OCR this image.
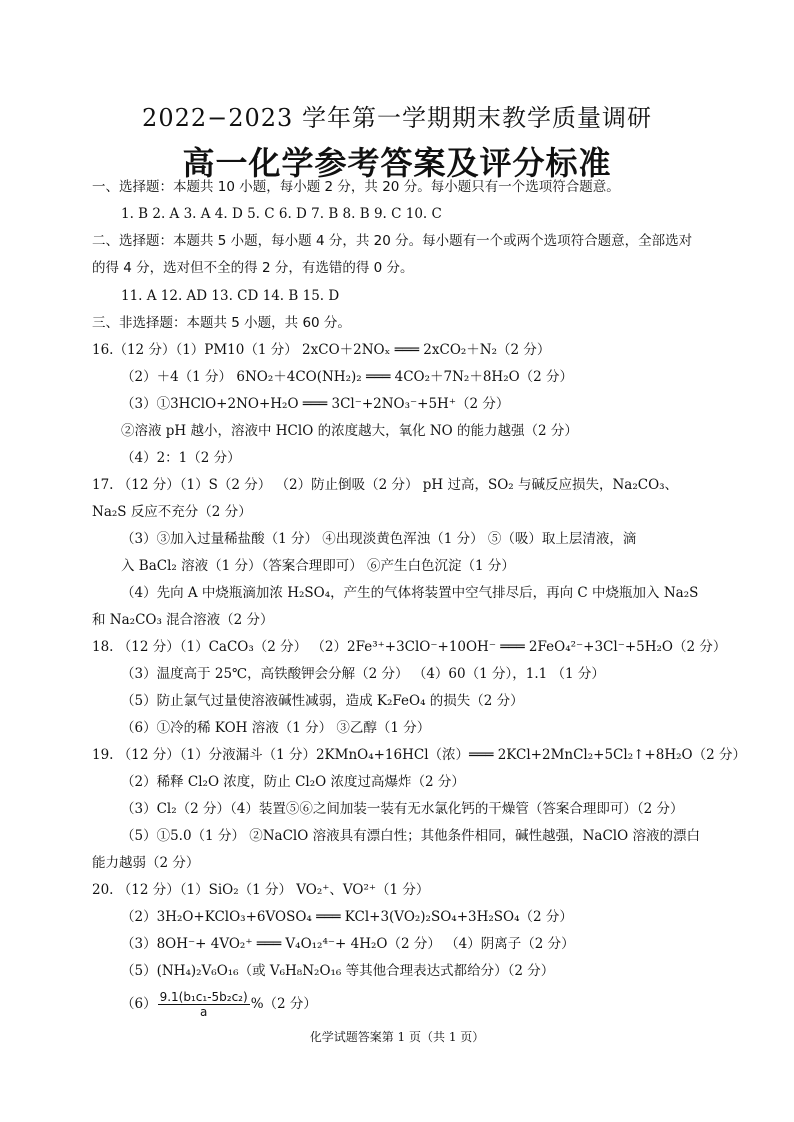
2022−2023 学年第一学期期末教学质量调研
高一化学参考答案及评分标准
一、选择题：本题共 10 小题，每小题 2 分，共 20 分。每小题只有一个选项符合题意。
1. B 2. A 3. A 4. D 5. C 6. D 7. B 8. B 9. C 10. C
二、选择题：本题共 5 小题，每小题 4 分，共 20 分。每小题有一个或两个选项符合题意，全部选对
的得 4 分，选对但不全的得 2 分，有选错的得 0 分。
11. A 12. AD 13. CD 14. B 15. D
三、非选择题：本题共 5 小题，共 60 分。
16.（12 分）（1）PM10（1 分） 2xCO＋2NOₓ ═══ 2xCO₂＋N₂（2 分）
（2）＋4（1 分） 6NO₂＋4CO(NH₂)₂ ═══ 4CO₂＋7N₂＋8H₂O（2 分）
（3）①3HClO+2NO+H₂O ═══ 3Cl⁻+2NO₃⁻+5H⁺（2 分）
②溶液 pH 越小，溶液中 HClO 的浓度越大，氧化 NO 的能力越强（2 分）
（4）2：1（2 分）
17. （12 分）（1）S（2 分） （2）防止倒吸（2 分） pH 过高，SO₂ 与碱反应损失，Na₂CO₃、
Na₂S 反应不充分（2 分）
（3）③加入过量稀盐酸（1 分） ④出现淡黄色浑浊（1 分） ⑤（吸）取上层清液，滴
入 BaCl₂ 溶液（1 分）（答案合理即可） ⑥产生白色沉淀（1 分）
（4）先向 A 中烧瓶滴加浓 H₂SO₄，产生的气体将装置中空气排尽后，再向 C 中烧瓶加入 Na₂S
和 Na₂CO₃ 混合溶液（2 分）
18. （12 分）（1）CaCO₃（2 分） （2）2Fe³⁺+3ClO⁻+10OH⁻ ═══ 2FeO₄²⁻+3Cl⁻+5H₂O（2 分）
（3）温度高于 25℃，高铁酸钾会分解（2 分） （4）60（1 分），1.1 （1 分）
（5）防止氯气过量使溶液碱性减弱，造成 K₂FeO₄ 的损失（2 分）
（6）①冷的稀 KOH 溶液（1 分） ③乙醇（1 分）
19. （12 分）（1）分液漏斗（1 分）2KMnO₄+16HCl（浓）═══ 2KCl+2MnCl₂+5Cl₂↑+8H₂O（2 分）
（2）稀释 Cl₂O 浓度，防止 Cl₂O 浓度过高爆炸（2 分）
（3）Cl₂（2 分）（4）装置⑤⑥之间加装一装有无水氯化钙的干燥管（答案合理即可）（2 分）
（5）①5.0（1 分） ②NaClO 溶液具有漂白性；其他条件相同，碱性越强，NaClO 溶液的漂白
能力越弱（2 分）
20. （12 分）（1）SiO₂（1 分） VO₂⁺、VO²⁺（1 分）
（2）3H₂O+KClO₃+6VOSO₄ ═══ KCl+3(VO₂)₂SO₄+3H₂SO₄（2 分）
（3）8OH⁻+ 4VO₂⁺ ═══ V₄O₁₂⁴⁻+ 4H₂O（2 分） （4）阴离子（2 分）
（5）(NH₄)₂V₆O₁₆（或 V₆H₈N₂O₁₆ 等其他合理表达式都给分）（2 分）
$(6) \frac{\text{9.1(b₁c₁-5b₂c₂)}}{a} \%(2$ 分）
化学试题答案第 1 页（共 1 页）
